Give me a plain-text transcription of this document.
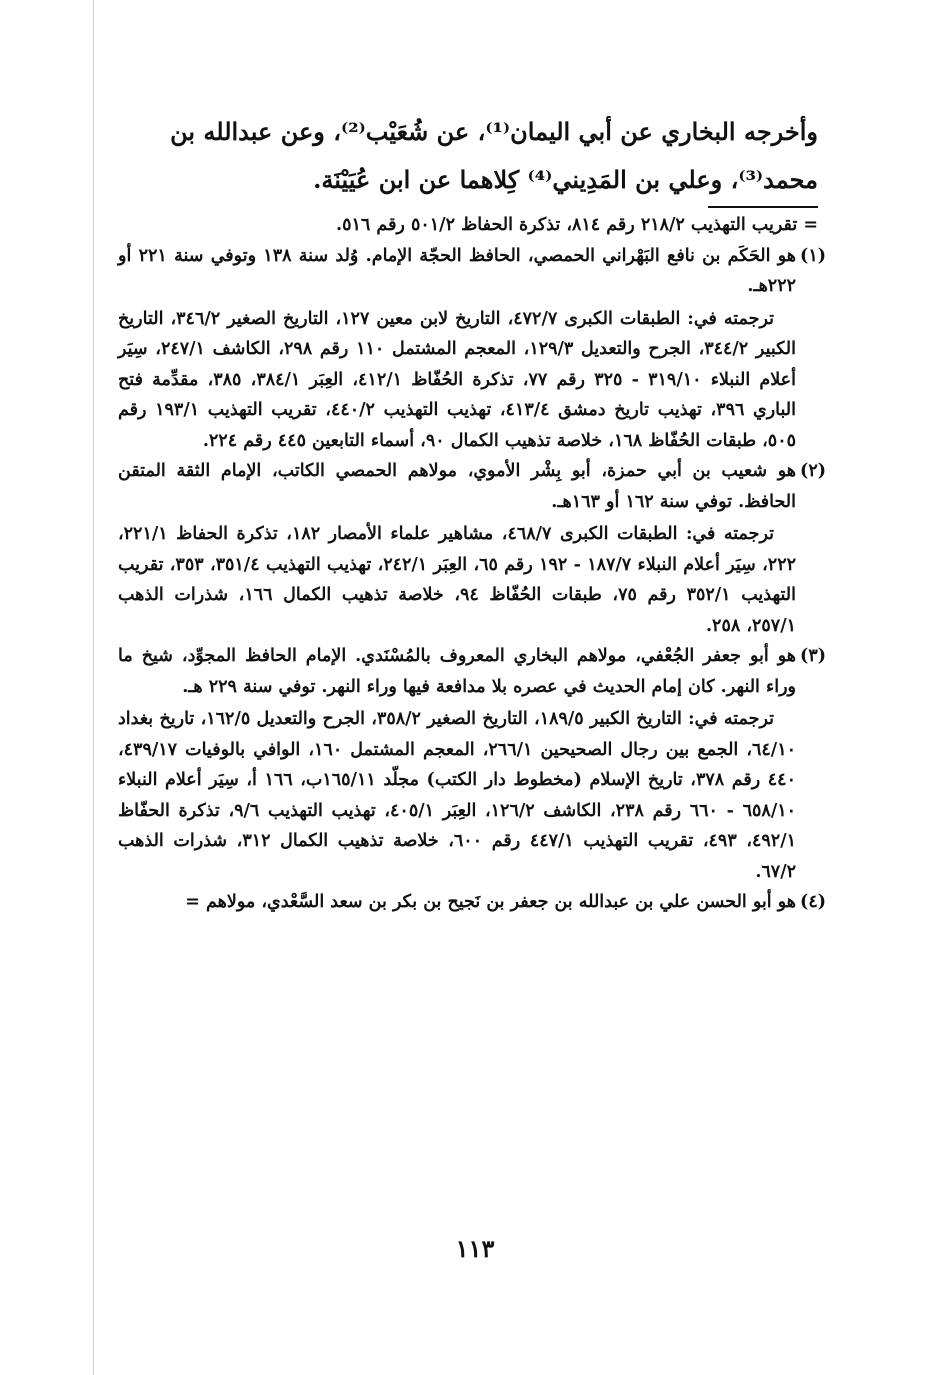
وأخرجه البخاري عن أبي اليمان⁽¹⁾، عن شُعَيْب⁽²⁾، وعن عبدالله بن

محمد⁽³⁾، وعلي بن المَدِيني⁽⁴⁾ كِلاهما عن ابن عُيَيْنَة.

= تقريب التهذيب ٢١٨/٢ رقم ٨١٤، تذكرة الحفاظ ٥٠١/٢ رقم ٥١٦.

(١)

هو الحَكَم بن نافع البَهْراني الحمصي، الحافظ الحجّة الإمام. وُلد سنة ١٣٨ وتوفي سنة ٢٢١ أو ٢٢٢هـ.

ترجمته في: الطبقات الكبرى ٤٧٢/٧، التاريخ لابن معين ١٢٧، التاريخ الصغير ٣٤٦/٢، التاريخ الكبير ٣٤٤/٢، الجرح والتعديل ١٢٩/٣، المعجم المشتمل ١١٠ رقم ٢٩٨، الكاشف ٢٤٧/١، سِيَر أعلام النبلاء ٣١٩/١٠ - ٣٢٥ رقم ٧٧، تذكرة الحُفّاظ ٤١٢/١، العِبَر ٣٨٤/١، ٣٨٥، مقدِّمة فتح الباري ٣٩٦، تهذيب تاريخ دمشق ٤١٣/٤، تهذيب التهذيب ٤٤٠/٢، تقريب التهذيب ١٩٣/١ رقم ٥٠٥، طبقات الحُفّاظ ١٦٨، خلاصة تذهيب الكمال ٩٠، أسماء التابعين ٤٤٥ رقم ٢٢٤.

(٢)

هو شعيب بن أبي حمزة، أبو بِشْر الأموي، مولاهم الحمصي الكاتب، الإمام الثقة المتقن الحافظ. توفي سنة ١٦٢ أو ١٦٣هـ.

ترجمته في: الطبقات الكبرى ٤٦٨/٧، مشاهير علماء الأمصار ١٨٢، تذكرة الحفاظ ٢٢١/١، ٢٢٢، سِيَر أعلام النبلاء ١٨٧/٧ - ١٩٢ رقم ٦٥، العِبَر ٢٤٢/١، تهذيب التهذيب ٣٥١/٤، ٣٥٣، تقريب التهذيب ٣٥٢/١ رقم ٧٥، طبقات الحُفّاظ ٩٤، خلاصة تذهيب الكمال ١٦٦، شذرات الذهب ٢٥٧/١، ٢٥٨.

(٣)

هو أبو جعفر الجُعْفي، مولاهم البخاري المعروف بالمُسْنَدي. الإمام الحافظ المجوِّد، شيخ ما وراء النهر. كان إمام الحديث في عصره بلا مدافعة فيها وراء النهر. توفي سنة ٢٢٩ هـ.

ترجمته في: التاريخ الكبير ١٨٩/٥، التاريخ الصغير ٣٥٨/٢، الجرح والتعديل ١٦٢/٥، تاريخ بغداد ٦٤/١٠، الجمع بين رجال الصحيحين ٢٦٦/١، المعجم المشتمل ١٦٠، الوافي بالوفيات ٤٣٩/١٧، ٤٤٠ رقم ٣٧٨، تاريخ الإسلام (مخطوط دار الكتب) مجلّد ١٦٥/١١ب، ١٦٦ أ، سِيَر أعلام النبلاء ٦٥٨/١٠ - ٦٦٠ رقم ٢٣٨، الكاشف ١٢٦/٢، العِبَر ٤٠٥/١، تهذيب التهذيب ٩/٦، تذكرة الحفّاظ ٤٩٢/١، ٤٩٣، تقريب التهذيب ٤٤٧/١ رقم ٦٠٠، خلاصة تذهيب الكمال ٣١٢، شذرات الذهب ٦٧/٢.

(٤)

هو أبو الحسن علي بن عبدالله بن جعفر بن نَجيح بن بكر بن سعد السَّعْدي، مولاهم =

١١٣
